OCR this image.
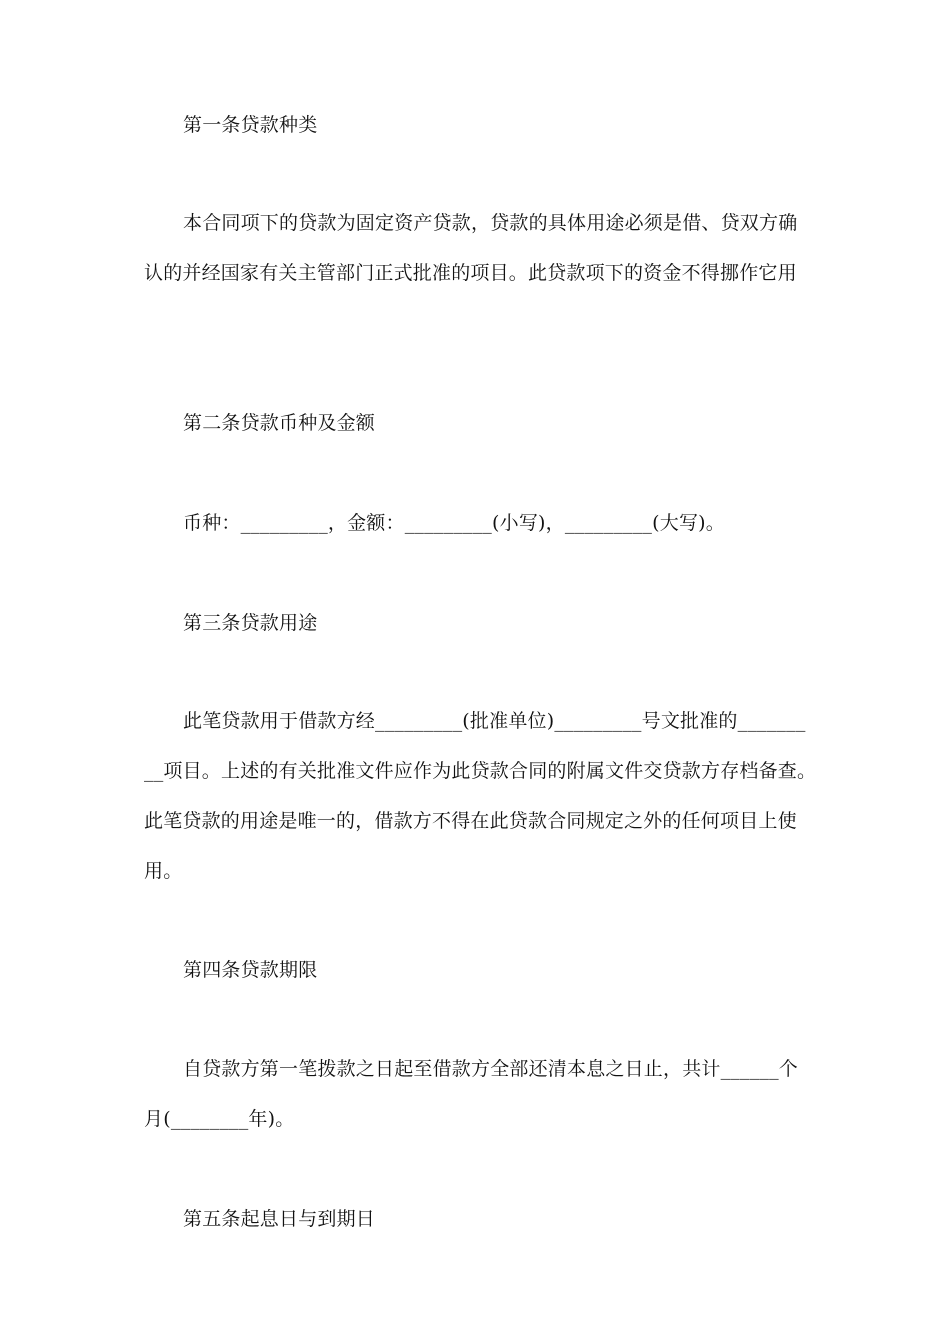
第一条贷款种类
本合同项下的贷款为固定资产贷款，贷款的具体用途必须是借、贷双方确
认的并经国家有关主管部门正式批准的项目。此贷款项下的资金不得挪作它用
第二条贷款币种及金额
币种：_________，金额：_________(小写)，_________(大写)。
第三条贷款用途
此笔贷款用于借款方经_________(批准单位)_________号文批准的_______
__项目。上述的有关批准文件应作为此贷款合同的附属文件交贷款方存档备查。
此笔贷款的用途是唯一的，借款方不得在此贷款合同规定之外的任何项目上使
用。
第四条贷款期限
自贷款方第一笔拨款之日起至借款方全部还清本息之日止，共计______个
月(________年)。
第五条起息日与到期日
